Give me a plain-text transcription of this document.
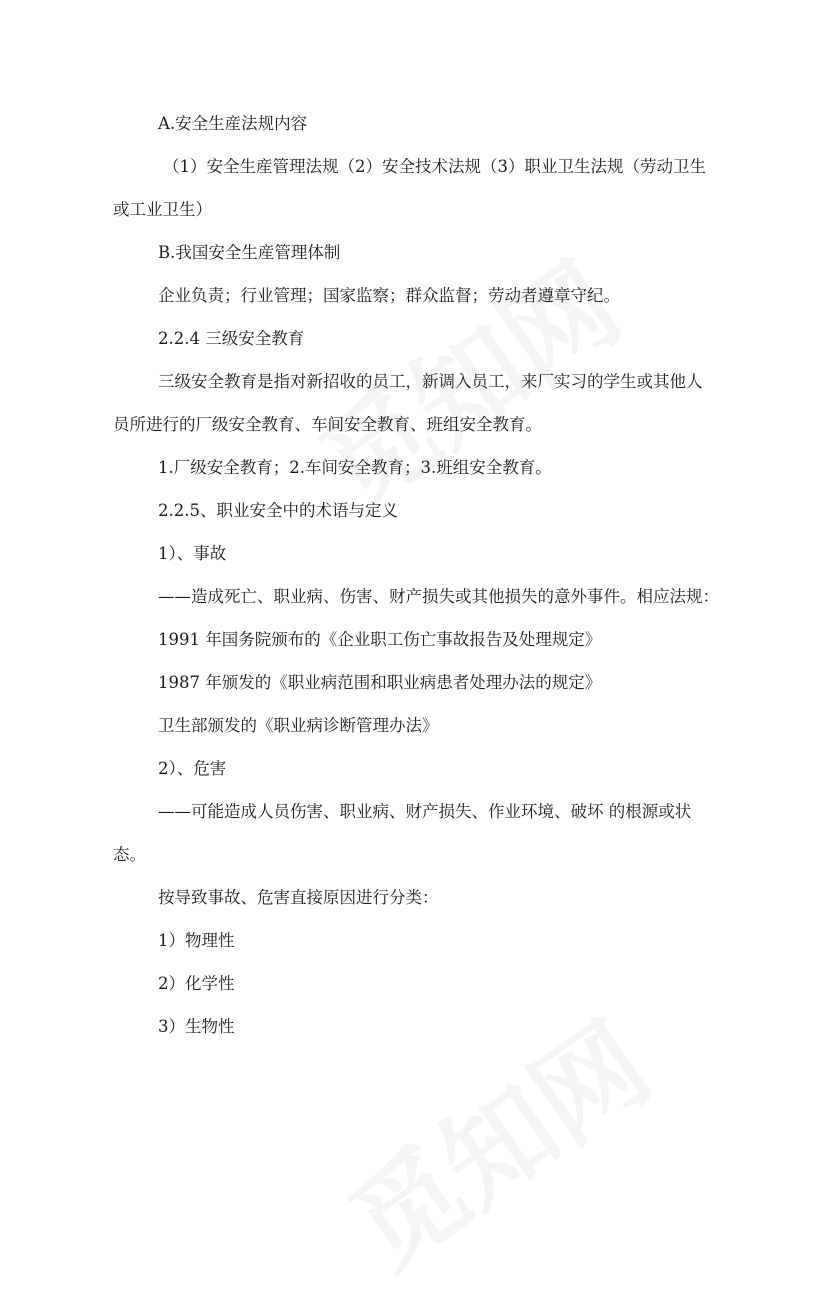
A.安全生産法规内容

（1）安全生産管理法规（2）安全技术法规（3）职业卫生法规（劳动卫生

或工业卫生）

B.我国安全生産管理体制

企业负责；行业管理；国家监察；群众监督；劳动者遵章守纪。

2.2.4 三级安全教育

三级安全教育是指对新招收的员工，新调入员工，来厂实习的学生或其他人

员所进行的厂级安全教育、车间安全教育、班组安全教育。

1.厂级安全教育；2.车间安全教育；3.班组安全教育。

2.2.5、职业安全中的术语与定义

1）、事故

——造成死亡、职业病、伤害、财产损失或其他损失的意外事件。相应法规：

1991 年国务院颁布的《企业职工伤亡事故报告及处理规定》

1987 年颁发的《职业病范围和职业病患者处理办法的规定》

卫生部颁发的《职业病诊断管理办法》

2）、危害

——可能造成人员伤害、职业病、财产损失、作业环境、破坏 的根源或状

态。

按导致事故、危害直接原因进行分类：

1）物理性

2）化学性

3）生物性
